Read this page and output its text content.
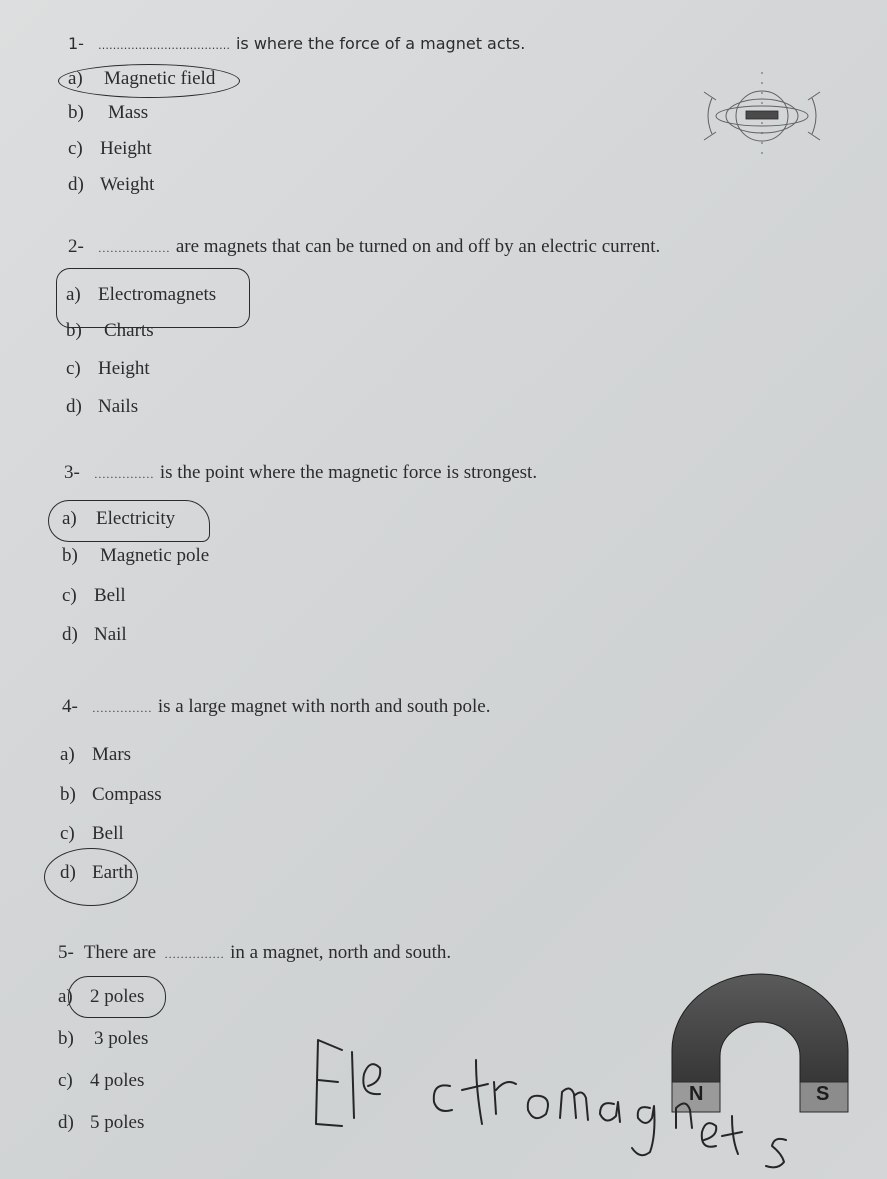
1- ……………………………… is where the force of a magnet acts.
a) Magnetic field
b) Mass
c) Height
d) Weight
2- ……………… are magnets that can be turned on and off by an electric current.
a) Electromagnets
b) Charts
c) Height
d) Nails
3- …………… is the point where the magnetic force is strongest.
a) Electricity
b) Magnetic pole
c) Bell
d) Nail
4- …………… is a large magnet with north and south pole.
a) Mars
b) Compass
c) Bell
d) Earth
5- There are …………… in a magnet, north and south.
a) 2 poles
b) 3 poles
c) 4 poles
d) 5 poles
N	S
